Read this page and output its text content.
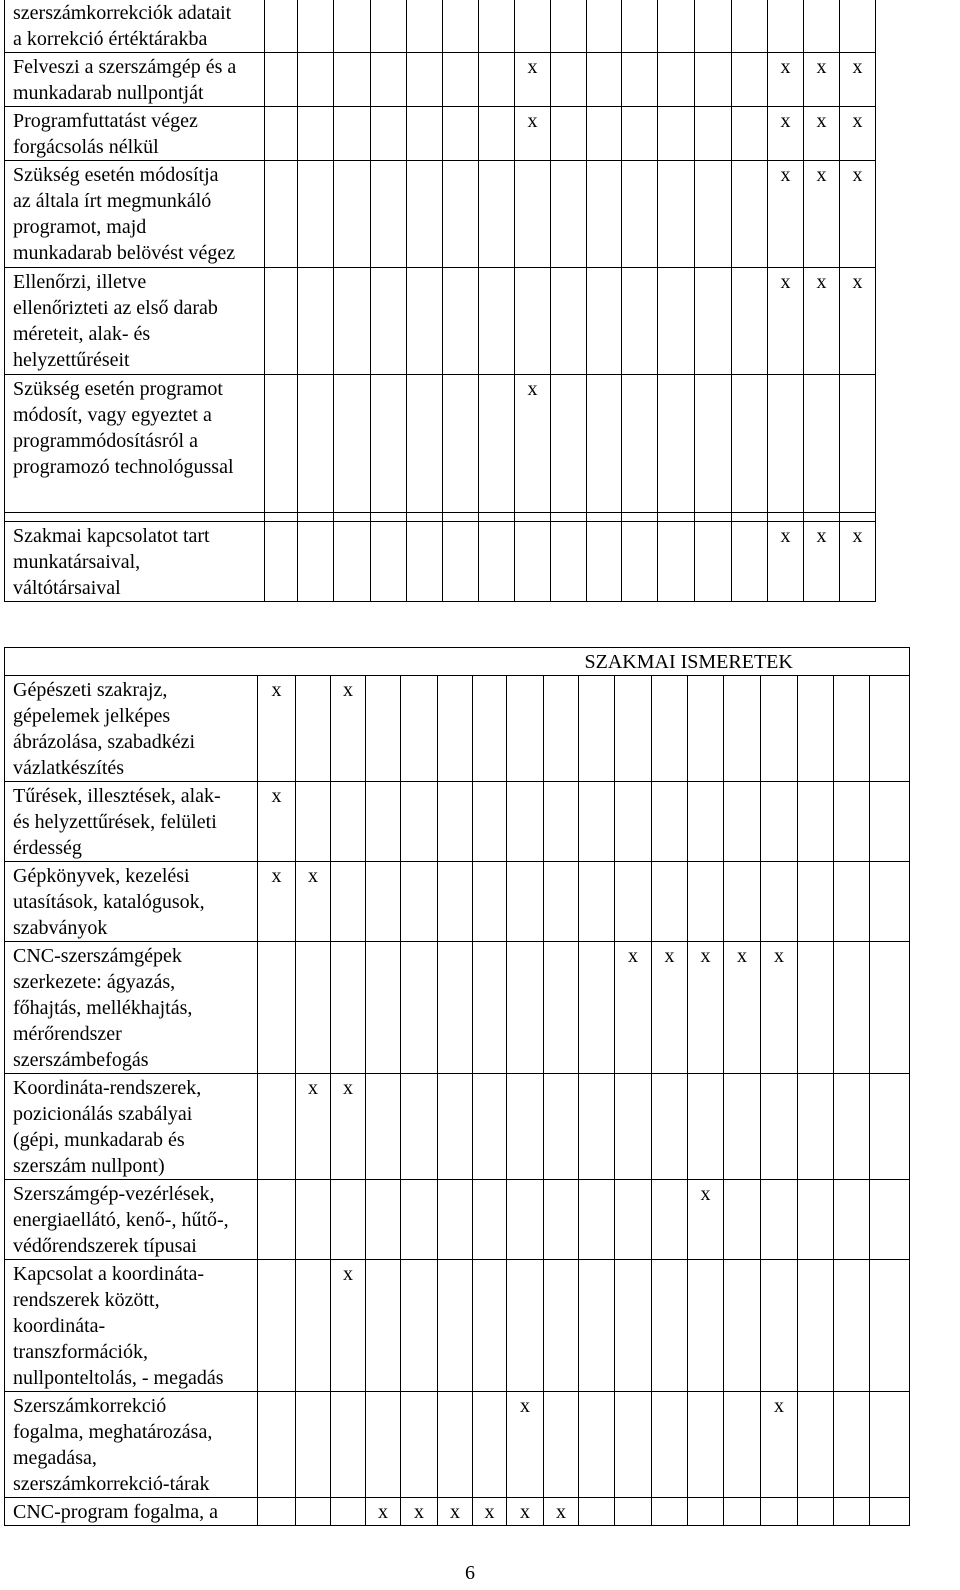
szerszámkorrekciók adatait
a korrekció értéktárakba																	

Felveszi a szerszámgép és a
munkadarab nullpontját								x							x	x	x

Programfuttatást végez
forgácsolás nélkül								x							x	x	x

Szükség esetén módosítja
az általa írt megmunkáló
programot, majd
munkadarab belövést végez															x	x	x

Ellenőrzi, illetve
ellenőrizteti az első darab
méreteit, alak- és
helyzettűréseit															x	x	x

Szükség esetén programot
módosít, vagy egyeztet a
programmódosításról a
programozó technológussal								x									

Szakmai kapcsolatot tart
munkatársaival,
váltótársaival															x	x	x
										SZAKMAI ISMERETEK								

Gépészeti szakrajz,
gépelemek jelképes
ábrázolása, szabadkézi
vázlatkészítés	x		x															

Tűrések, illesztések, alak-
és helyzettűrések, felületi
érdesség	x																	

Gépkönyvek, kezelési
utasítások, katalógusok,
szabványok	x	x																

CNC-szerszámgépek
szerkezete: ágyazás,
főhajtás, mellékhajtás,
mérőrendszer
szerszámbefogás											x	x	x	x	x			

Koordináta-rendszerek,
pozicionálás szabályai
(gépi, munkadarab és
szerszám nullpont)		x	x															

Szerszámgép-vezérlések,
energiaellátó, kenő-, hűtő-,
védőrendszerek típusai													x					

Kapcsolat a koordináta-
rendszerek között,
koordináta-
transzformációk,
nullponteltolás, - megadás			x															

Szerszámkorrekció
fogalma, meghatározása,
megadása,
szerszámkorrekció-tárak								x							x			

CNC-program fogalma, a				x	x	x	x	x	x									
6
